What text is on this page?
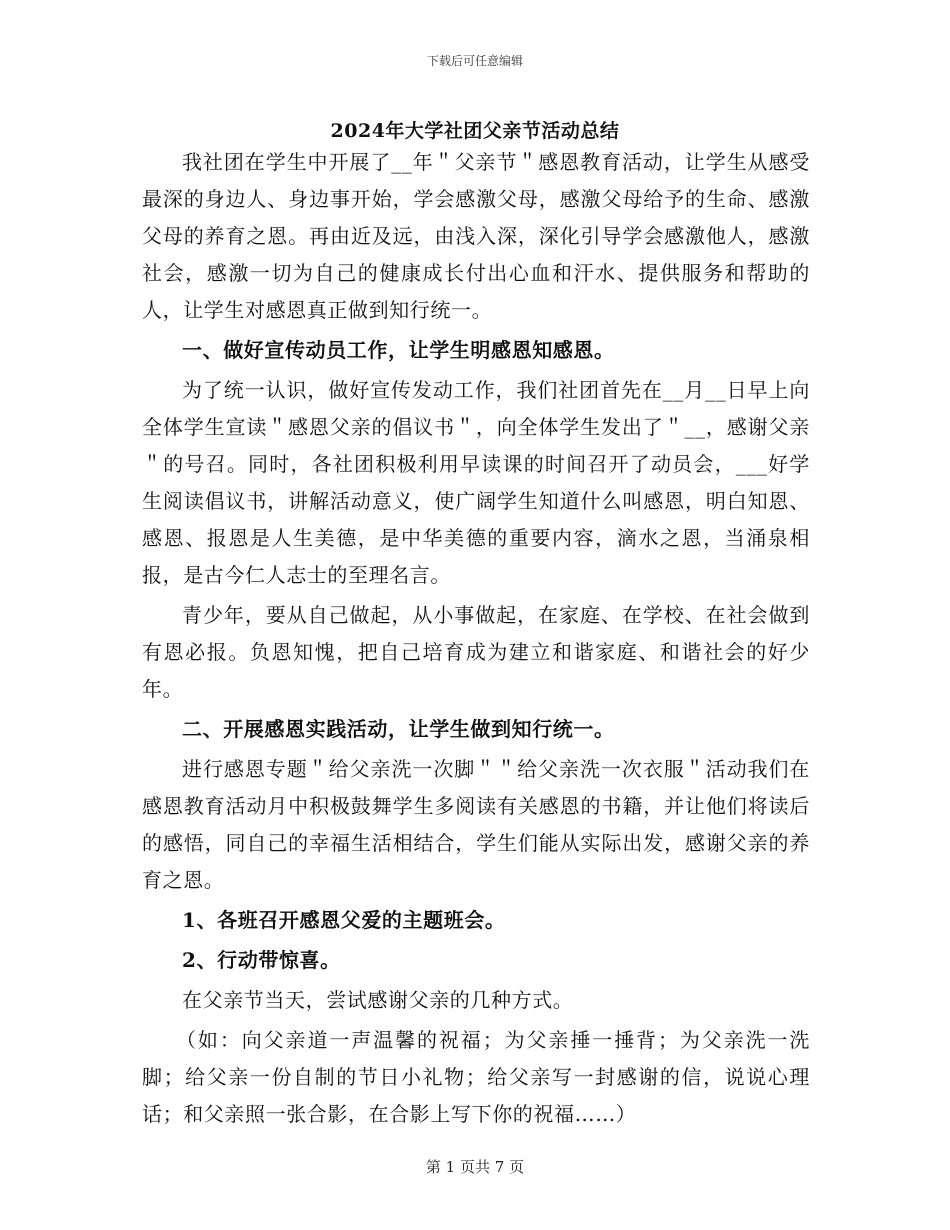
下载后可任意编辑
2024年大学社团父亲节活动总结

我社团在学生中开展了__年＂父亲节＂感恩教育活动，让学生从感受最深的身边人、身边事开始，学会感激父母，感激父母给予的生命、感激父母的养育之恩。再由近及远，由浅入深，深化引导学会感激他人，感激社会，感激一切为自己的健康成长付出心血和汗水、提供服务和帮助的人，让学生对感恩真正做到知行统一。

一、做好宣传动员工作，让学生明感恩知感恩。

为了统一认识，做好宣传发动工作，我们社团首先在__月__日早上向全体学生宣读＂感恩父亲的倡议书＂，向全体学生发出了＂__，感谢父亲＂的号召。同时，各社团积极利用早读课的时间召开了动员会，___好学生阅读倡议书，讲解活动意义，使广阔学生知道什么叫感恩，明白知恩、感恩、报恩是人生美德，是中华美德的重要内容，滴水之恩，当涌泉相报，是古今仁人志士的至理名言。

青少年，要从自己做起，从小事做起，在家庭、在学校、在社会做到有恩必报。负恩知愧，把自己培育成为建立和谐家庭、和谐社会的好少年。

二、开展感恩实践活动，让学生做到知行统一。

进行感恩专题＂给父亲洗一次脚＂＂给父亲洗一次衣服＂活动我们在感恩教育活动月中积极鼓舞学生多阅读有关感恩的书籍，并让他们将读后的感悟，同自己的幸福生活相结合，学生们能从实际出发，感谢父亲的养育之恩。

1、各班召开感恩父爱的主题班会。

2、行动带惊喜。

在父亲节当天，尝试感谢父亲的几种方式。

（如：向父亲道一声温馨的祝福；为父亲捶一捶背；为父亲洗一洗脚；给父亲一份自制的节日小礼物；给父亲写一封感谢的信，说说心理话；和父亲照一张合影，在合影上写下你的祝福……）

第 1 页共 7 页
